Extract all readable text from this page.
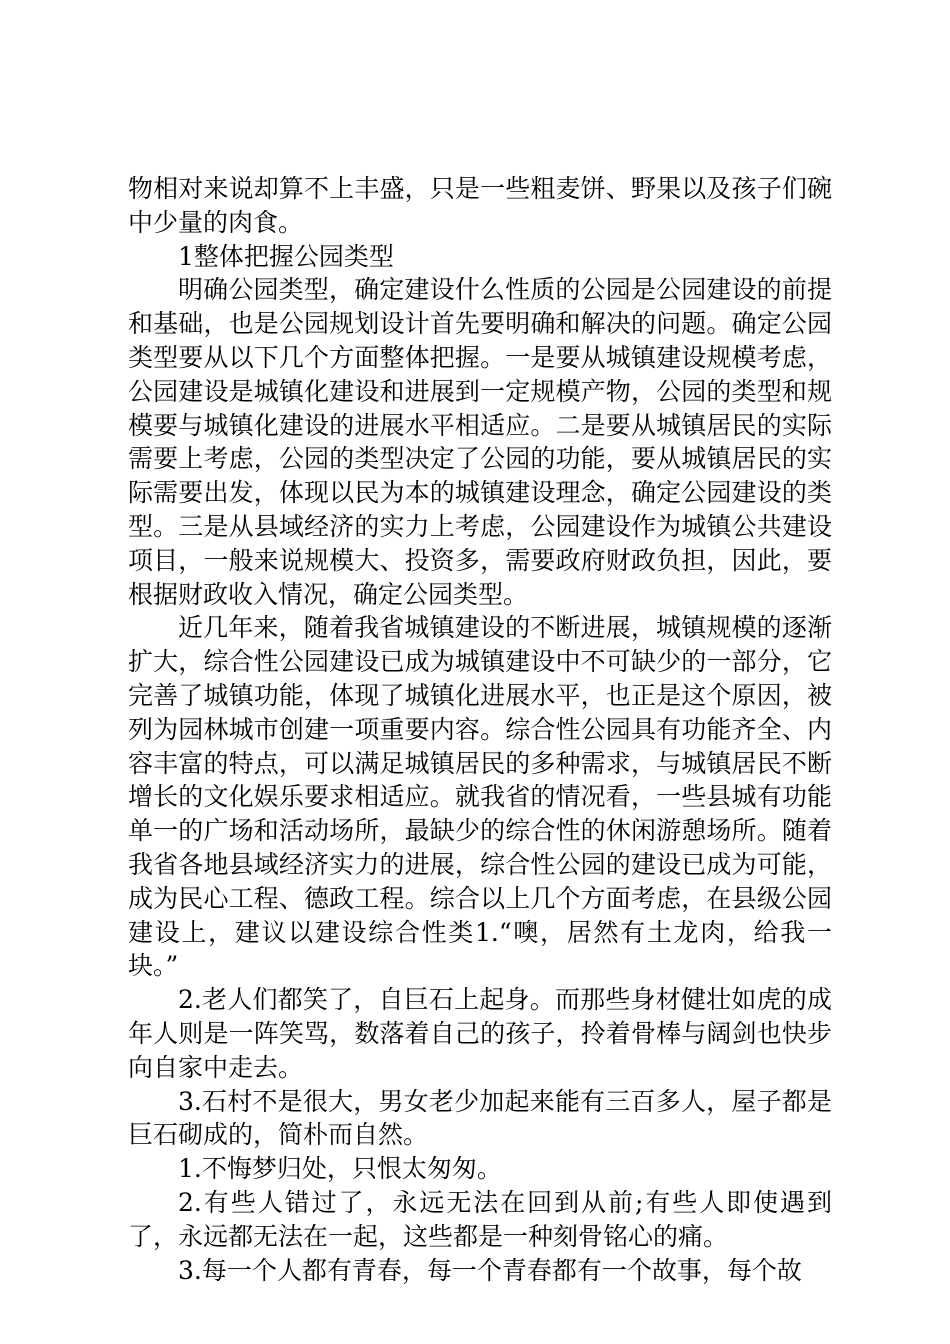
物相对来说却算不上丰盛，只是一些粗麦饼、野果以及孩子们碗中少量的肉食。

1整体把握公园类型

明确公园类型，确定建设什么性质的公园是公园建设的前提和基础，也是公园规划设计首先要明确和解决的问题。确定公园类型要从以下几个方面整体把握。一是要从城镇建设规模考虑，公园建设是城镇化建设和进展到一定规模产物，公园的类型和规模要与城镇化建设的进展水平相适应。二是要从城镇居民的实际需要上考虑，公园的类型决定了公园的功能，要从城镇居民的实际需要出发，体现以民为本的城镇建设理念，确定公园建设的类型。三是从县域经济的实力上考虑，公园建设作为城镇公共建设项目，一般来说规模大、投资多，需要政府财政负担，因此，要根据财政收入情况，确定公园类型。

近几年来，随着我省城镇建设的不断进展，城镇规模的逐渐扩大，综合性公园建设已成为城镇建设中不可缺少的一部分，它完善了城镇功能，体现了城镇化进展水平，也正是这个原因，被列为园林城市创建一项重要内容。综合性公园具有功能齐全、内容丰富的特点，可以满足城镇居民的多种需求，与城镇居民不断增长的文化娱乐要求相适应。就我省的情况看，一些县城有功能单一的广场和活动场所，最缺少的综合性的休闲游憩场所。随着我省各地县域经济实力的进展，综合性公园的建设已成为可能，成为民心工程、德政工程。综合以上几个方面考虑，在县级公园建设上，建议以建设综合性类1.“噢，居然有土龙肉，给我一块。”

2.老人们都笑了，自巨石上起身。而那些身材健壮如虎的成年人则是一阵笑骂，数落着自己的孩子，拎着骨棒与阔剑也快步向自家中走去。

3.石村不是很大，男女老少加起来能有三百多人，屋子都是巨石砌成的，简朴而自然。

1.不悔梦归处，只恨太匆匆。

2.有些人错过了，永远无法在回到从前;有些人即使遇到了，永远都无法在一起，这些都是一种刻骨铭心的痛。

3.每一个人都有青春，每一个青春都有一个故事，每个故
